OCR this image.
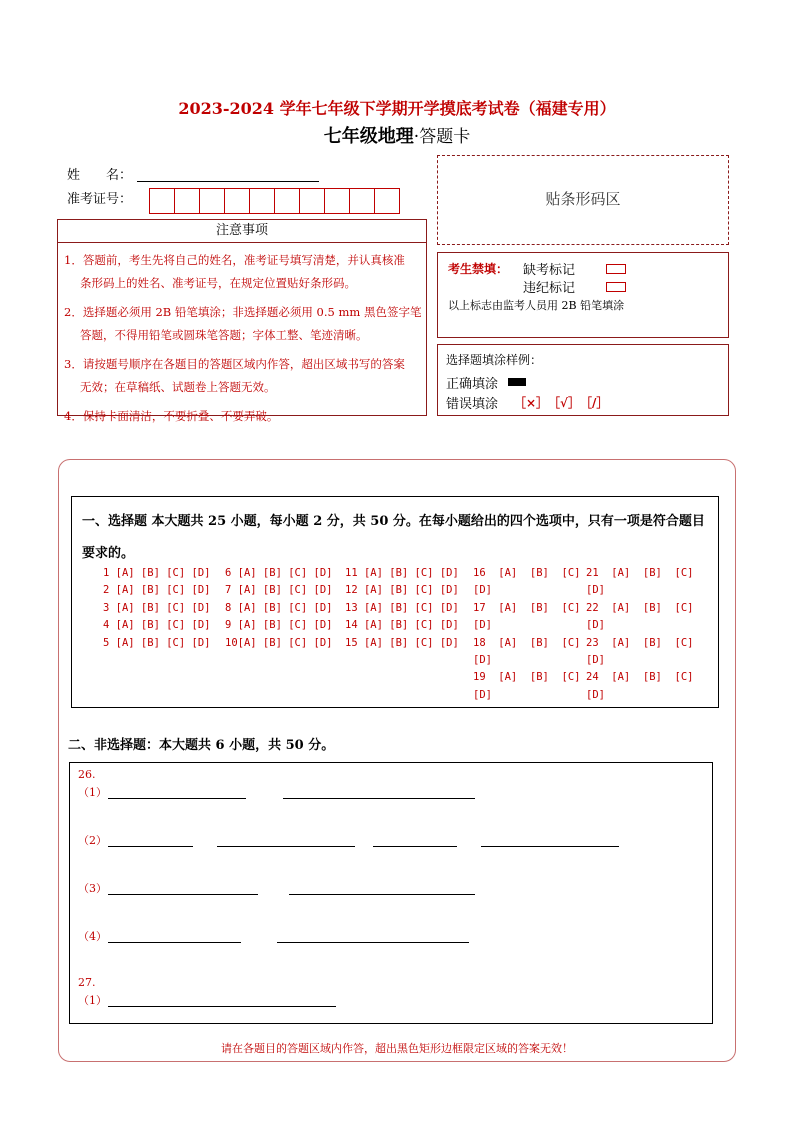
2023-2024 学年七年级下学期开学摸底考试卷（福建专用）
七年级地理·答题卡
姓　　名：
准考证号：	贴条形码区
注意事项

1．答题前，考生先将自己的姓名，准考证号填写清楚，并认真核准
条形码上的姓名、准考证号，在规定位置贴好条形码。

2．选择题必须用 2B 铅笔填涂；非选择题必须用 0.5 mm 黑色签字笔
答题，不得用铅笔或圆珠笔答题；字体工整、笔迹清晰。

3．请按题号顺序在各题目的答题区域内作答，超出区域书写的答案
无效；在草稿纸、试题卷上答题无效。

4．保持卡面清洁，不要折叠、不要弄破。

考生禁填： 缺考标记
违纪标记
以上标志由监考人员用 2B 铅笔填涂
选择题填涂样例：
正确填涂
错误填涂 ［×］　［√］　［/］
一、选择题 本大题共 25 小题，每小题 2 分，共 50 分。在每小题给出的四个选项中，只有一项是符合题目要求的。
1 [A] [B] [C] [D]
2 [A] [B] [C] [D]
3 [A] [B] [C] [D]
4 [A] [B] [C] [D]
5 [A] [B] [C] [D]
6 [A] [B] [C] [D]
7 [A] [B] [C] [D]
8 [A] [B] [C] [D]
9 [A] [B] [C] [D]
10[A] [B] [C] [D]
11 [A] [B] [C] [D]
12 [A] [B] [C] [D]
13 [A] [B] [C] [D]
14 [A] [B] [C] [D]
15 [A] [B] [C] [D]
16  [A]  [B]  [C]
[D]
17  [A]  [B]  [C]
[D]
18  [A]  [B]  [C]
[D]
19  [A]  [B]  [C]
[D]
21  [A]  [B]  [C]
[D]
22  [A]  [B]  [C]
[D]
23  [A]  [B]  [C]
[D]
24  [A]  [B]  [C]
[D]
二、非选择题：本大题共 6 小题，共 50 分。
26.
（1）
（2）
（3）
（4）
27.
（1）
请在各题目的答题区域内作答，超出黑色矩形边框限定区域的答案无效！
